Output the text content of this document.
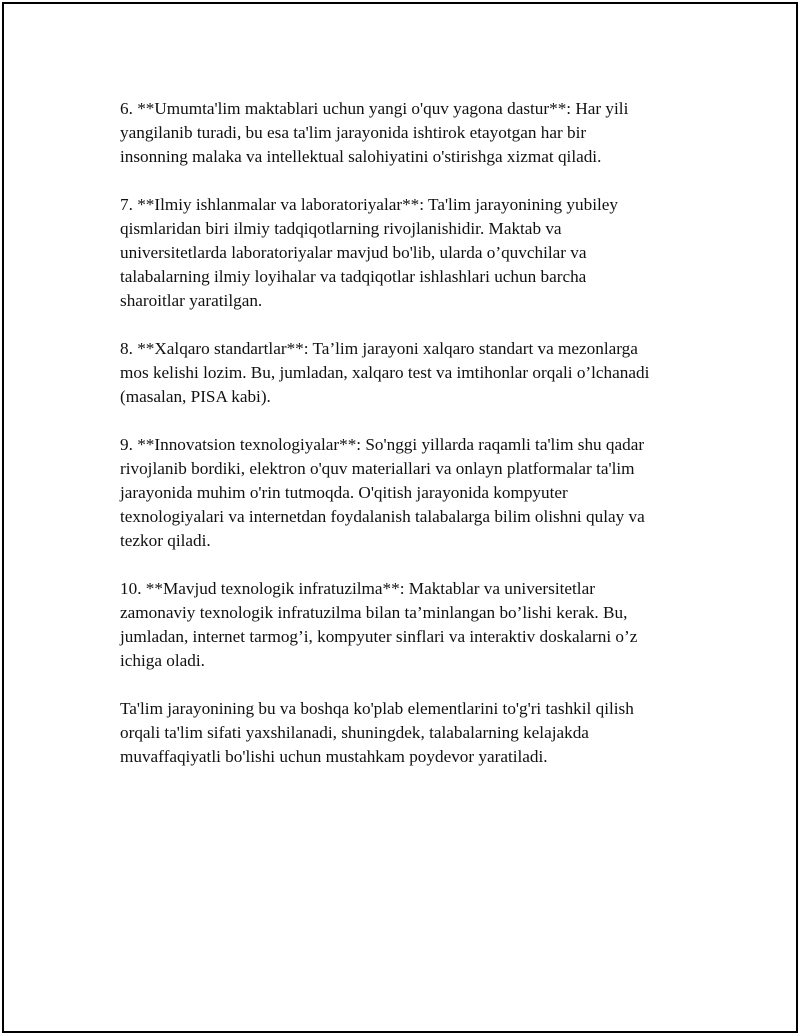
6. **Umumta'lim maktablari uchun yangi o'quv yagona dastur**: Har yili
yangilanib turadi, bu esa ta'lim jarayonida ishtirok etayotgan har bir
insonning malaka va intellektual salohiyatini o'stirishga xizmat qiladi.

7. **Ilmiy ishlanmalar va laboratoriyalar**: Ta'lim jarayonining yubiley
qismlaridan biri ilmiy tadqiqotlarning rivojlanishidir. Maktab va
universitetlarda laboratoriyalar mavjud bo'lib, ularda o’quvchilar va
talabalarning ilmiy loyihalar va tadqiqotlar ishlashlari uchun barcha
sharoitlar yaratilgan.

8. **Xalqaro standartlar**: Ta’lim jarayoni xalqaro standart va mezonlarga
mos kelishi lozim. Bu, jumladan, xalqaro test va imtihonlar orqali o’lchanadi
(masalan, PISA kabi).

9. **Innovatsion texnologiyalar**: So'nggi yillarda raqamli ta'lim shu qadar
rivojlanib bordiki, elektron o'quv materiallari va onlayn platformalar ta'lim
jarayonida muhim o'rin tutmoqda. O'qitish jarayonida kompyuter
texnologiyalari va internetdan foydalanish talabalarga bilim olishni qulay va
tezkor qiladi.

10. **Mavjud texnologik infratuzilma**: Maktablar va universitetlar
zamonaviy texnologik infratuzilma bilan ta’minlangan bo’lishi kerak. Bu,
jumladan, internet tarmog’i, kompyuter sinflari va interaktiv doskalarni o’z
ichiga oladi.

Ta'lim jarayonining bu va boshqa ko'plab elementlarini to'g'ri tashkil qilish
orqali ta'lim sifati yaxshilanadi, shuningdek, talabalarning kelajakda
muvaffaqiyatli bo'lishi uchun mustahkam poydevor yaratiladi.
